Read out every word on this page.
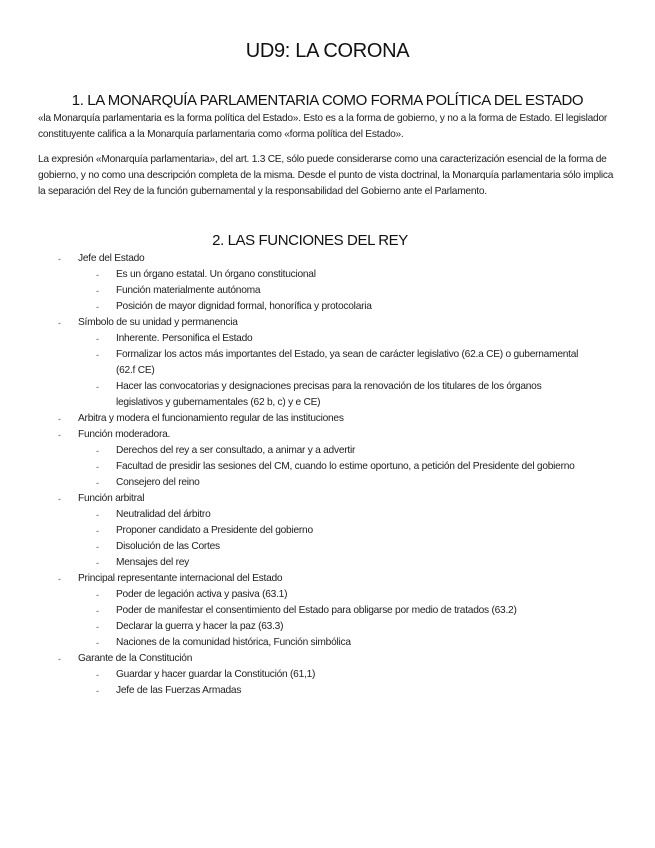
UD9: LA CORONA
1. LA MONARQUÍA PARLAMENTARIA COMO FORMA POLÍTICA DEL ESTADO
«la Monarquía parlamentaria es la forma política del Estado». Esto es a la forma de gobierno, y no a la forma de Estado. El legislador constituyente califica a la Monarquía parlamentaria como «forma política del Estado».
La expresión «Monarquía parlamentaria», del art. 1.3 CE, sólo puede considerarse como una caracterización esencial de la forma de gobierno, y no como una descripción completa de la misma. Desde el punto de vista doctrinal, la Monarquía parlamentaria sólo implica la separación del Rey de la función gubernamental y la responsabilidad del Gobierno ante el Parlamento.
2. LAS FUNCIONES DEL REY
- Jefe del Estado
- Es un órgano estatal. Un órgano constitucional
- Función materialmente autónoma
- Posición de mayor dignidad formal, honorífica y protocolaria
- Símbolo de su unidad y permanencia
- Inherente. Personifica el Estado
- Formalizar los actos más importantes del Estado, ya sean de carácter legislativo (62.a CE) o gubernamental (62.f CE)
- Hacer las convocatorias y designaciones precisas para la renovación de los titulares de los órganos legislativos y gubernamentales (62 b, c) y e CE)
- Arbitra y modera el funcionamiento regular de las instituciones
- Función moderadora.
- Derechos del rey a ser consultado, a animar y a advertir
- Facultad de presidir las sesiones del CM, cuando lo estime oportuno, a petición del Presidente del gobierno
- Consejero del reino
- Función arbitral
- Neutralidad del árbitro
- Proponer candidato a Presidente del gobierno
- Disolución de las Cortes
- Mensajes del rey
- Principal representante internacional del Estado
- Poder de legación activa y pasiva (63.1)
- Poder de manifestar el consentimiento del Estado para obligarse por medio de tratados (63.2)
- Declarar la guerra y hacer la paz (63.3)
- Naciones de la comunidad histórica, Función simbólica
- Garante de la Constitución
- Guardar y hacer guardar la Constitución (61,1)
- Jefe de las Fuerzas Armadas
